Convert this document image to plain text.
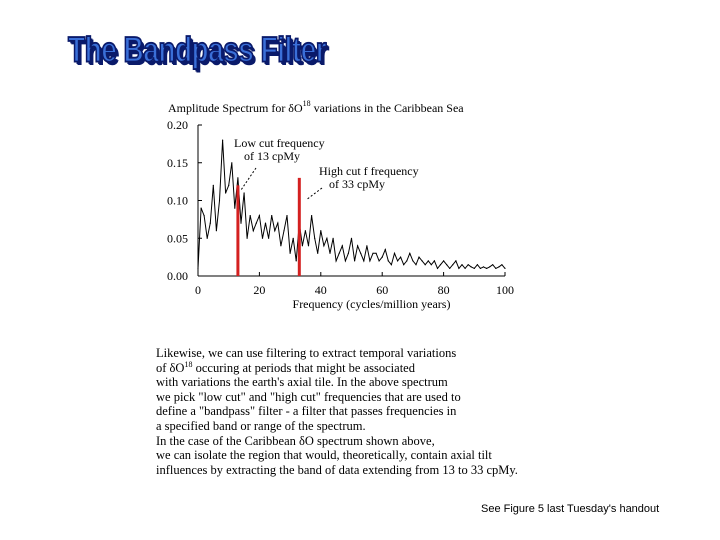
The Bandpass Filter
Amplitude Spectrum for $\delta O^{18}$ variations in the Caribbean Sea
0.00
0.05
0.10
0.15
0.20
0	20	40	60	80	100
Frequency (cycles/million years)
Low cut frequency
of 13 cpMy
High cut f frequency
of 33 cpMy

Likewise, we can use filtering to extract temporal variations
of $\delta O^{18}$ occuring at periods that might be associated
with variations the earth's axial tile. In the above spectrum
we pick "low cut" and "high cut" frequencies that are used to
define a "bandpass" filter - a filter that passes frequencies in
a specified band or range of the spectrum.
In the case of the Caribbean δO spectrum shown above,
we can isolate the region that would, theoretically, contain axial tilt
influences by extracting the band of data extending from 13 to 33 cpMy.

See Figure 5 last Tuesday's handout
